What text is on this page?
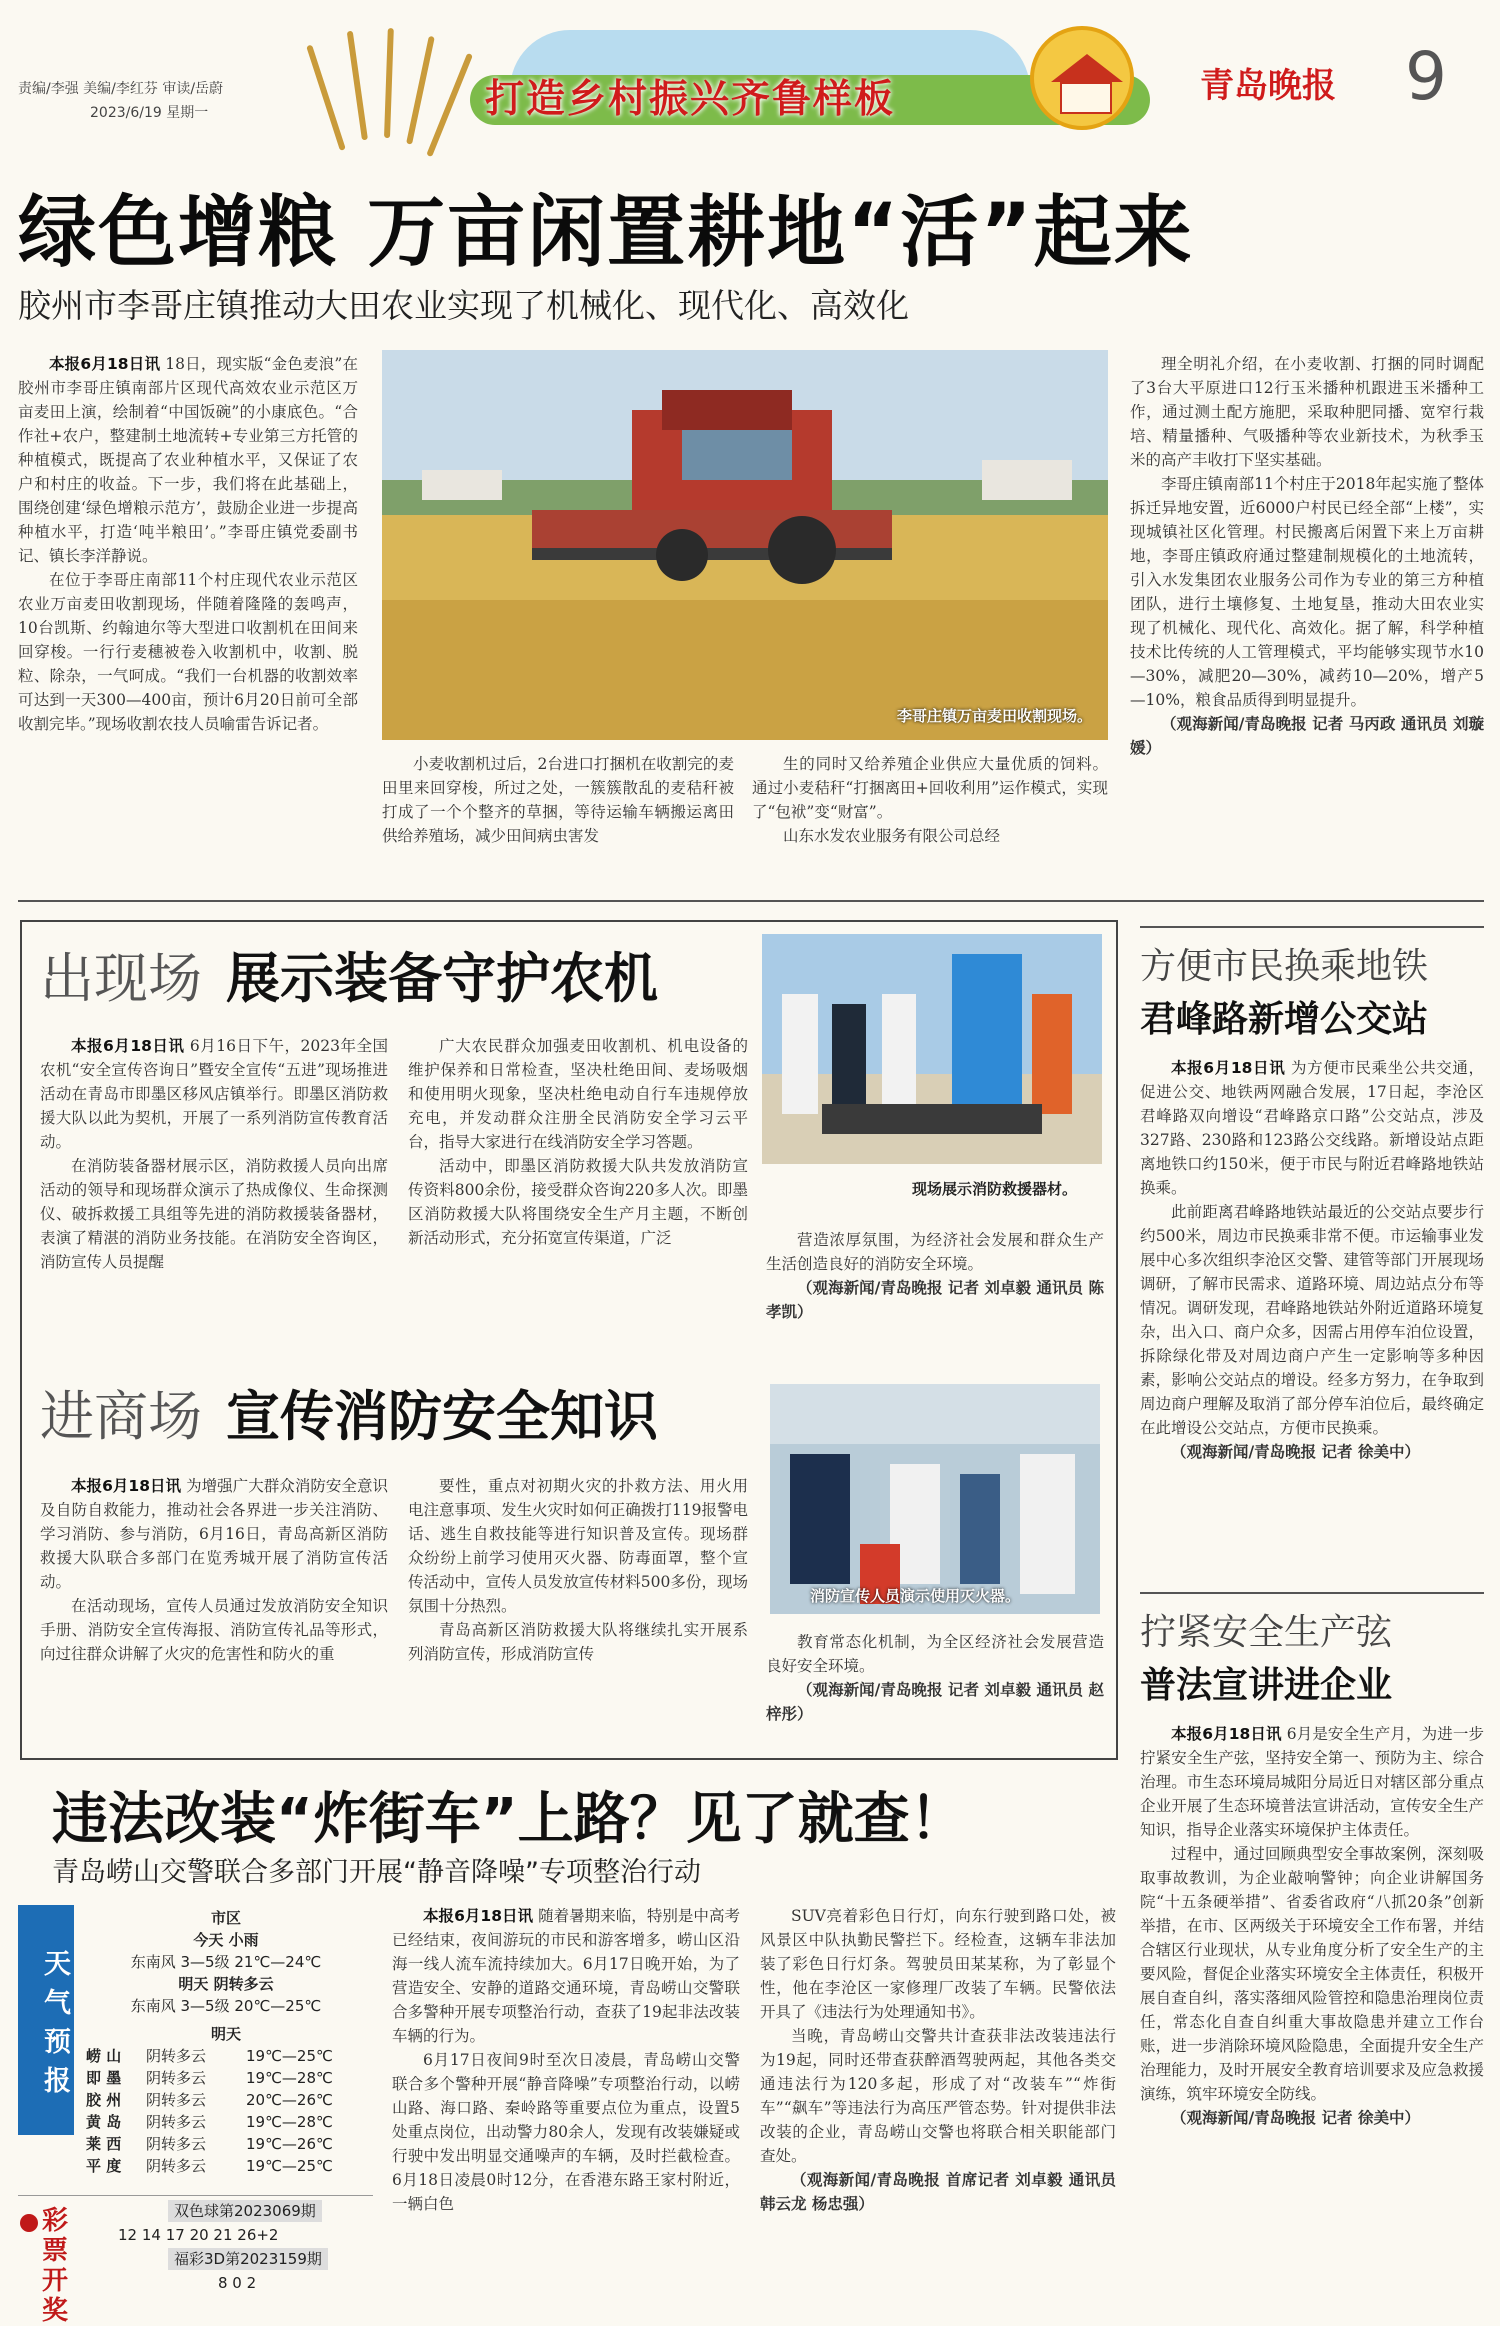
责编/李强 美编/李红芬 审读/岳蔚
2023/6/19 星期一	打造乡村振兴齐鲁样板	青岛晚报 9
绿色增粮 万亩闲置耕地“活”起来
胶州市李哥庄镇推动大田农业实现了机械化、现代化、高效化

本报6月18日讯 18日，现实版“金色麦浪”在胶州市李哥庄镇南部片区现代高效农业示范区万亩麦田上演，绘制着“中国饭碗”的小康底色。“合作社+农户，整建制土地流转+专业第三方托管的种植模式，既提高了农业种植水平，又保证了农户和村庄的收益。下一步，我们将在此基础上，围绕创建‘绿色增粮示范方’，鼓励企业进一步提高种植水平，打造‘吨半粮田’。”李哥庄镇党委副书记、镇长李洋静说。

在位于李哥庄南部11个村庄现代农业示范区农业万亩麦田收割现场，伴随着隆隆的轰鸣声，10台凯斯、约翰迪尔等大型进口收割机在田间来回穿梭。一行行麦穗被卷入收割机中，收割、脱粒、除杂，一气呵成。“我们一台机器的收割效率可达到一天300—400亩，预计6月20日前可全部收割完毕。”现场收割农技人员喻雷告诉记者。	李哥庄镇万亩麦田收割现场。

小麦收割机过后，2台进口打捆机在收割完的麦田里来回穿梭，所过之处，一簇簇散乱的麦秸秆被打成了一个个整齐的草捆，等待运输车辆搬运离田供给养殖场，减少田间病虫害发

生的同时又给养殖企业供应大量优质的饲料。通过小麦秸秆“打捆离田+回收利用”运作模式，实现了“包袱”变“财富”。

山东水发农业服务有限公司总经

理全明礼介绍，在小麦收割、打捆的同时调配了3台大平原进口12行玉米播种机跟进玉米播种工作，通过测土配方施肥，采取种肥同播、宽窄行栽培、精量播种、气吸播种等农业新技术，为秋季玉米的高产丰收打下坚实基础。

李哥庄镇南部11个村庄于2018年起实施了整体拆迁异地安置，近6000户村民已经全部“上楼”，实现城镇社区化管理。村民搬离后闲置下来上万亩耕地，李哥庄镇政府通过整建制规模化的土地流转，引入水发集团农业服务公司作为专业的第三方种植团队，进行土壤修复、土地复垦，推动大田农业实现了机械化、现代化、高效化。据了解，科学种植技术比传统的人工管理模式，平均能够实现节水10—30%，减肥20—30%，减药10—20%，增产5—10%，粮食品质得到明显提升。

（观海新闻/青岛晚报 记者 马丙政 通讯员 刘璇媛）

出现场 展示装备守护农机

本报6月18日讯 6月16日下午，2023年全国农机“安全宣传咨询日”暨安全宣传“五进”现场推进活动在青岛市即墨区移风店镇举行。即墨区消防救援大队以此为契机，开展了一系列消防宣传教育活动。

在消防装备器材展示区，消防救援人员向出席活动的领导和现场群众演示了热成像仪、生命探测仪、破拆救援工具组等先进的消防救援装备器材，表演了精湛的消防业务技能。在消防安全咨询区，消防宣传人员提醒

广大农民群众加强麦田收割机、机电设备的维护保养和日常检查，坚决杜绝田间、麦场吸烟和使用明火现象，坚决杜绝电动自行车违规停放充电，并发动群众注册全民消防安全学习云平台，指导大家进行在线消防安全学习答题。

活动中，即墨区消防救援大队共发放消防宣传资料800余份，接受群众咨询220多人次。即墨区消防救援大队将围绕安全生产月主题，不断创新活动形式，充分拓宽宣传渠道，广泛

现场展示消防救援器材。

营造浓厚氛围，为经济社会发展和群众生产生活创造良好的消防安全环境。

（观海新闻/青岛晚报 记者 刘卓毅 通讯员 陈孝凯）

进商场 宣传消防安全知识

本报6月18日讯 为增强广大群众消防安全意识及自防自救能力，推动社会各界进一步关注消防、学习消防、参与消防，6月16日，青岛高新区消防救援大队联合多部门在览秀城开展了消防宣传活动。

在活动现场，宣传人员通过发放消防安全知识手册、消防安全宣传海报、消防宣传礼品等形式，向过往群众讲解了火灾的危害性和防火的重

要性，重点对初期火灾的扑救方法、用火用电注意事项、发生火灾时如何正确拨打119报警电话、逃生自救技能等进行知识普及宣传。现场群众纷纷上前学习使用灭火器、防毒面罩，整个宣传活动中，宣传人员发放宣传材料500多份，现场氛围十分热烈。

青岛高新区消防救援大队将继续扎实开展系列消防宣传，形成消防宣传

消防宣传人员演示使用灭火器。

教育常态化机制，为全区经济社会发展营造良好安全环境。

（观海新闻/青岛晚报 记者 刘卓毅 通讯员 赵梓彤）

方便市民换乘地铁
君峰路新增公交站

本报6月18日讯 为方便市民乘坐公共交通，促进公交、地铁两网融合发展，17日起，李沧区君峰路双向增设“君峰路京口路”公交站点，涉及327路、230路和123路公交线路。新增设站点距离地铁口约150米，便于市民与附近君峰路地铁站换乘。

此前距离君峰路地铁站最近的公交站点要步行约500米，周边市民换乘非常不便。市运输事业发展中心多次组织李沧区交警、建管等部门开展现场调研，了解市民需求、道路环境、周边站点分布等情况。调研发现，君峰路地铁站外附近道路环境复杂，出入口、商户众多，因需占用停车泊位设置，拆除绿化带及对周边商户产生一定影响等多种因素，影响公交站点的增设。经多方努力，在争取到周边商户理解及取消了部分停车泊位后，最终确定在此增设公交站点，方便市民换乘。

（观海新闻/青岛晚报 记者 徐美中）

拧紧安全生产弦
普法宣讲进企业

本报6月18日讯 6月是安全生产月，为进一步拧紧安全生产弦，坚持安全第一、预防为主、综合治理。市生态环境局城阳分局近日对辖区部分重点企业开展了生态环境普法宣讲活动，宣传安全生产知识，指导企业落实环境保护主体责任。

过程中，通过回顾典型安全事故案例，深刻吸取事故教训，为企业敲响警钟；向企业讲解国务院“十五条硬举措”、省委省政府“八抓20条”创新举措，在市、区两级关于环境安全工作布署，并结合辖区行业现状，从专业角度分析了安全生产的主要风险，督促企业落实环境安全主体责任，积极开展自查自纠，落实落细风险管控和隐患治理岗位责任，常态化自查自纠重大事故隐患并建立工作台账，进一步消除环境风险隐患，全面提升安全生产治理能力，及时开展安全教育培训要求及应急救援演练，筑牢环境安全防线。

（观海新闻/青岛晚报 记者 徐美中）

违法改装“炸街车”上路？见了就查！
青岛崂山交警联合多部门开展“静音降噪”专项整治行动

本报6月18日讯 随着暑期来临，特别是中高考已经结束，夜间游玩的市民和游客增多，崂山区沿海一线人流车流持续加大。6月17日晚开始，为了营造安全、安静的道路交通环境，青岛崂山交警联合多警种开展专项整治行动，查获了19起非法改装车辆的行为。

6月17日夜间9时至次日凌晨，青岛崂山交警联合多个警种开展“静音降噪”专项整治行动，以崂山路、海口路、秦岭路等重要点位为重点，设置5处重点岗位，出动警力80余人，发现有改装嫌疑或行驶中发出明显交通噪声的车辆，及时拦截检查。6月18日凌晨0时12分，在香港东路王家村附近，一辆白色

SUV亮着彩色日行灯，向东行驶到路口处，被风景区中队执勤民警拦下。经检查，这辆车非法加装了彩色日行灯条。驾驶员田某某称，为了彰显个性，他在李沧区一家修理厂改装了车辆。民警依法开具了《违法行为处理通知书》。

当晚，青岛崂山交警共计查获非法改装违法行为19起，同时还带查获醉酒驾驶两起，其他各类交通违法行为120多起，形成了对“改装车”“炸街车”“飙车”等违法行为高压严管态势。针对提供非法改装的企业，青岛崂山交警也将联合相关职能部门查处。

（观海新闻/青岛晚报 首席记者 刘卓毅 通讯员 韩云龙 杨忠强）

天气预报
市区
今天 小雨
东南风 3—5级 21℃—24℃
明天 阴转多云
东南风 3—5级 20℃—25℃
明天
崂 山 阴转多云	19℃—25℃
即 墨 阴转多云	19℃—28℃
胶 州 阴转多云	20℃—26℃
黄 岛 阴转多云	19℃—28℃
莱 西 阴转多云	19℃—26℃
平 度 阴转多云	19℃—25℃
彩票开奖
双色球第2023069期
12 14 17 20 21 26+2
福彩3D第2023159期
8 0 2
